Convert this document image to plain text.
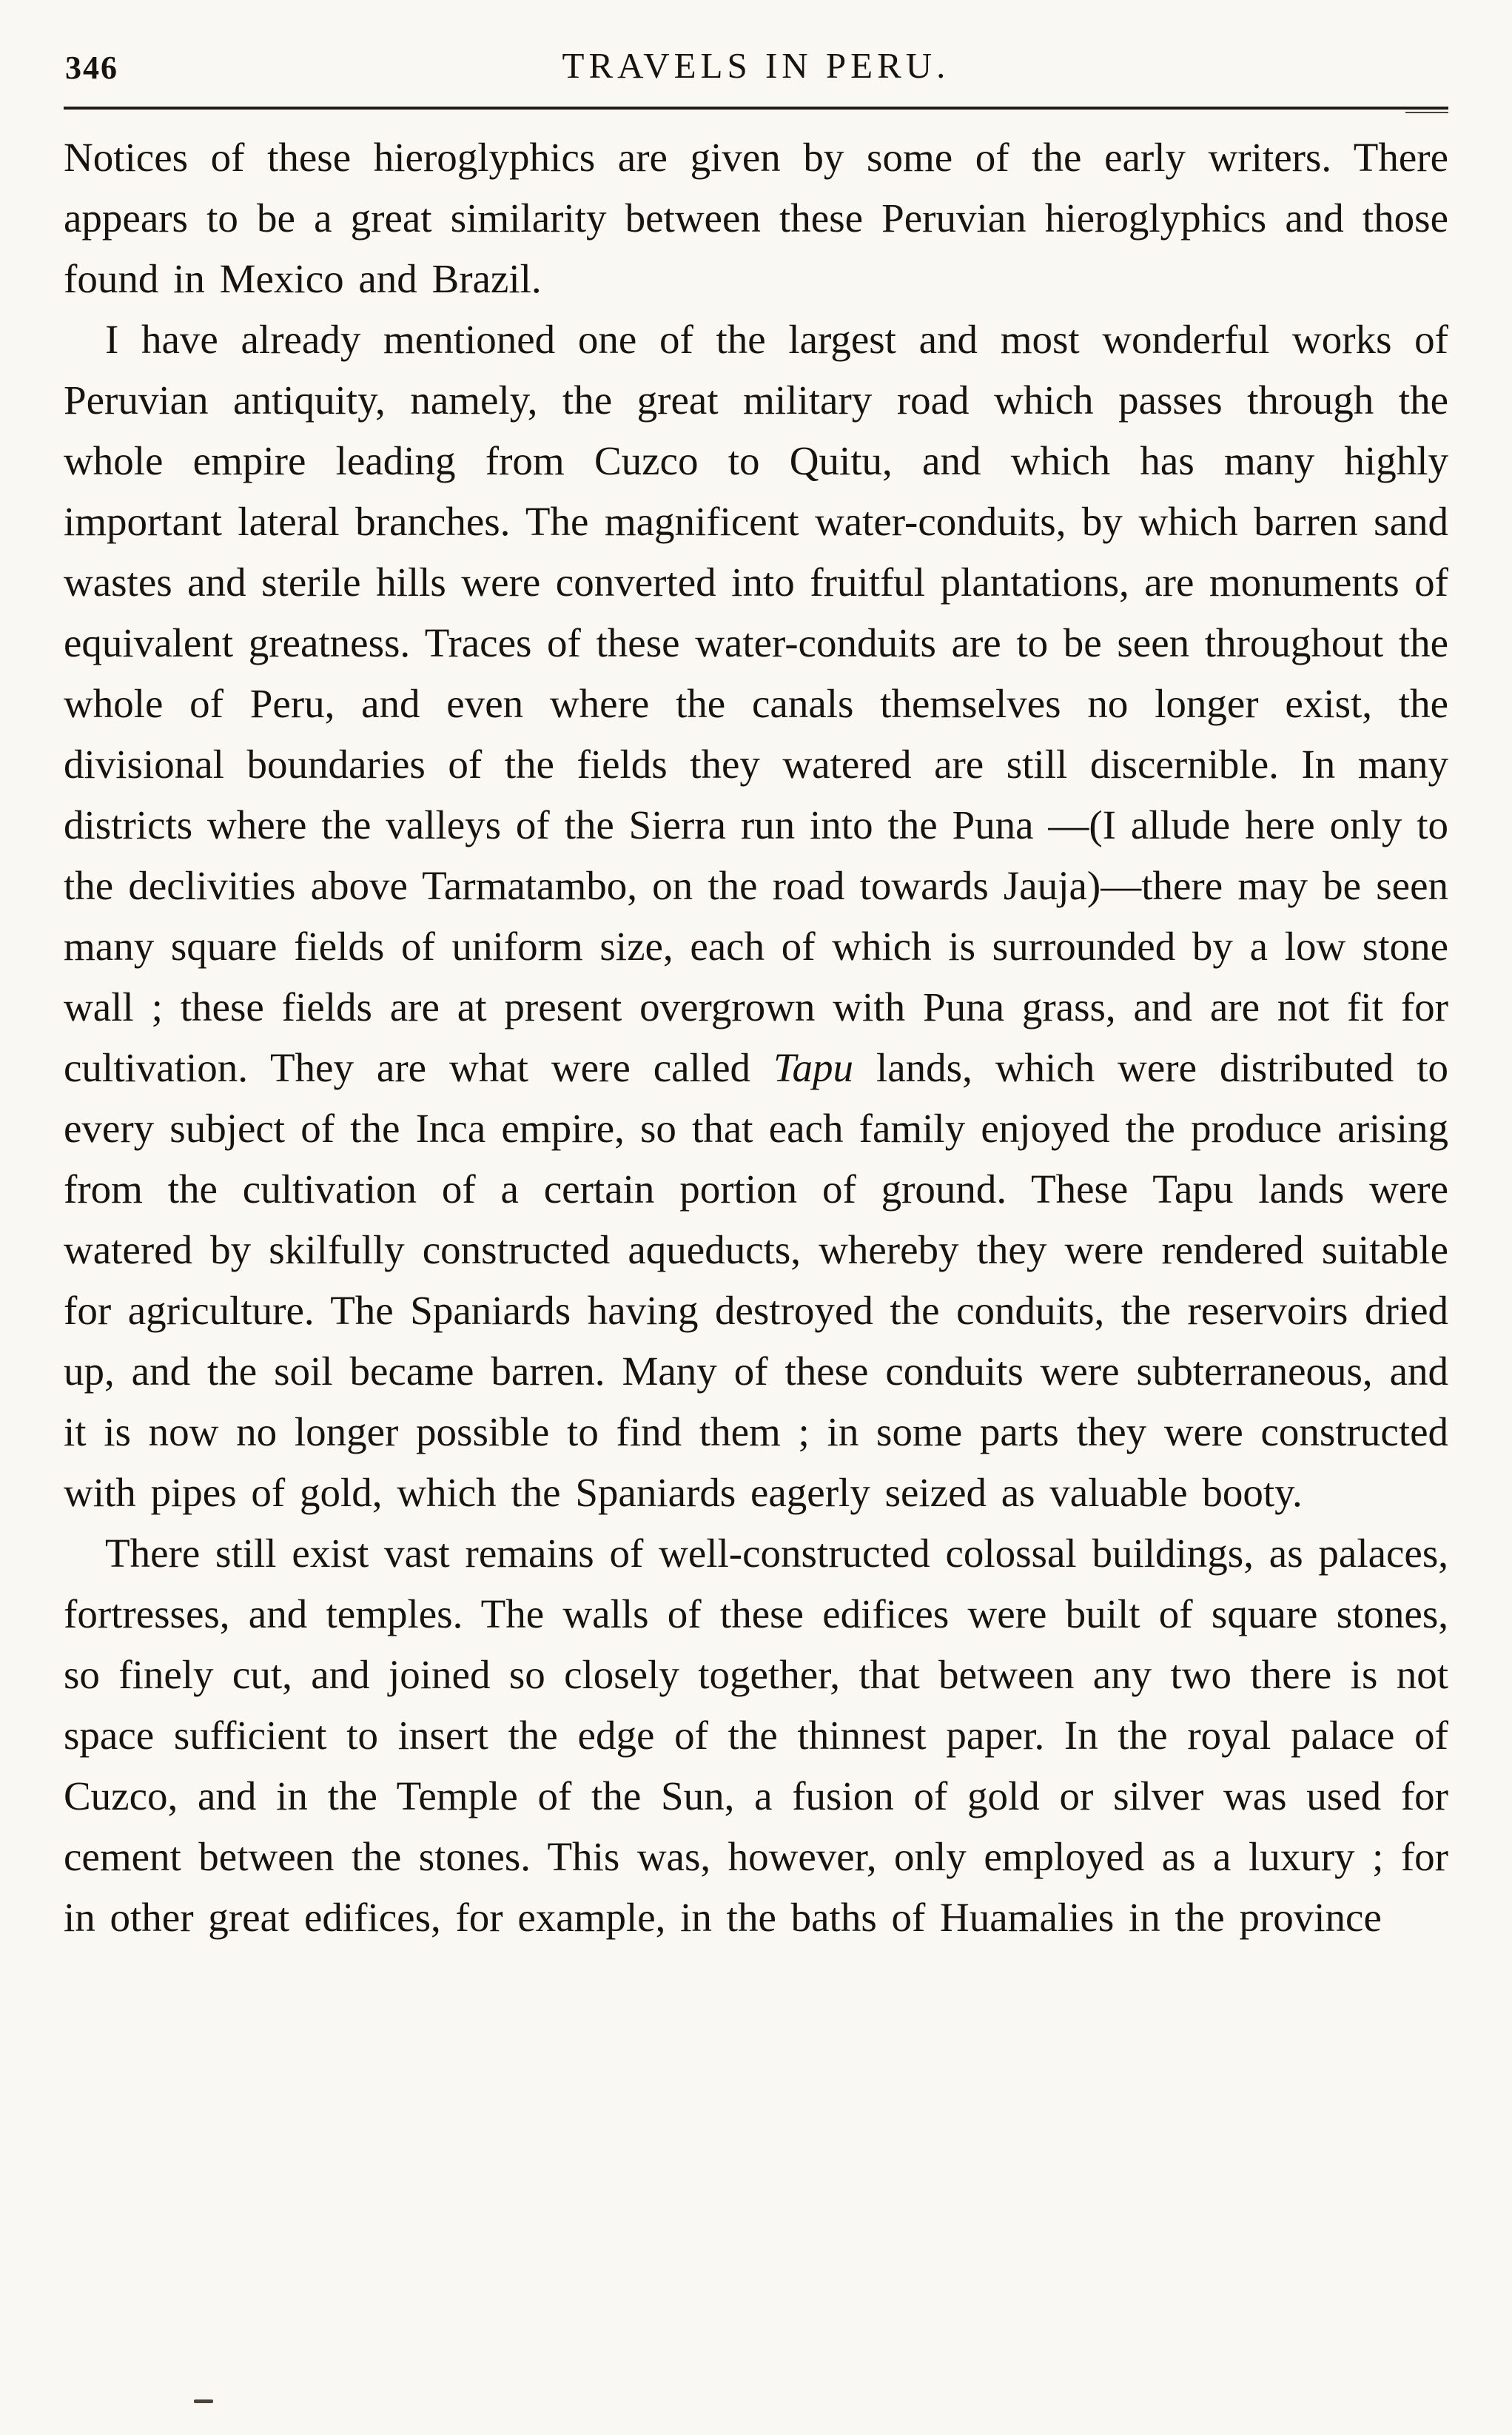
346	TRAVELS IN PERU.

Notices of these hieroglyphics are given by some of the early writers. There appears to be a great similarity between these Peruvian hieroglyphics and those found in Mexico and Brazil.

I have already mentioned one of the largest and most wonderful works of Peruvian antiquity, namely, the great military road which passes through the whole empire leading from Cuzco to Quitu, and which has many highly important lateral branches. The magnificent water-conduits, by which barren sand wastes and sterile hills were converted into fruitful plantations, are monuments of equivalent greatness. Traces of these water-conduits are to be seen throughout the whole of Peru, and even where the canals themselves no longer exist, the divisional boundaries of the fields they watered are still discernible. In many districts where the valleys of the Sierra run into the Puna —(I allude here only to the declivities above Tarmatambo, on the road towards Jauja)—there may be seen many square fields of uniform size, each of which is surrounded by a low stone wall ; these fields are at present overgrown with Puna grass, and are not fit for cultivation. They are what were called Tapu lands, which were distributed to every subject of the Inca empire, so that each family enjoyed the produce arising from the cultivation of a certain portion of ground. These Tapu lands were watered by skilfully constructed aqueducts, whereby they were rendered suitable for agriculture. The Spaniards having destroyed the conduits, the reservoirs dried up, and the soil became barren. Many of these conduits were subterraneous, and it is now no longer possible to find them ; in some parts they were constructed with pipes of gold, which the Spaniards eagerly seized as valuable booty.

There still exist vast remains of well-constructed colossal buildings, as palaces, fortresses, and temples. The walls of these edifices were built of square stones, so finely cut, and joined so closely together, that between any two there is not space sufficient to insert the edge of the thinnest paper. In the royal palace of Cuzco, and in the Temple of the Sun, a fusion of gold or silver was used for cement between the stones. This was, however, only employed as a luxury ; for in other great edifices, for example, in the baths of Huamalies in the province
